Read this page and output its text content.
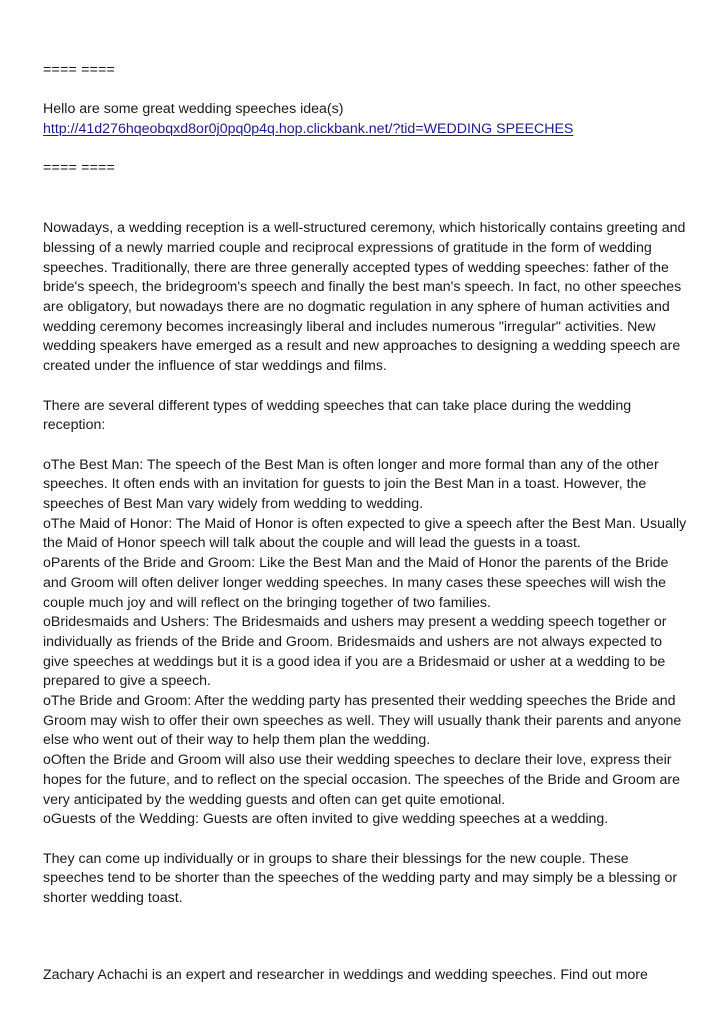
==== ====

Hello are some great wedding speeches idea(s)

http://41d276hqeobqxd8or0j0pq0p4q.hop.clickbank.net/?tid=WEDDING SPEECHES

==== ====

Nowadays, a wedding reception is a well-structured ceremony, which historically contains greeting and blessing of a newly married couple and reciprocal expressions of gratitude in the form of wedding speeches. Traditionally, there are three generally accepted types of wedding speeches: father of the bride's speech, the bridegroom's speech and finally the best man's speech. In fact, no other speeches are obligatory, but nowadays there are no dogmatic regulation in any sphere of human activities and wedding ceremony becomes increasingly liberal and includes numerous "irregular" activities. New wedding speakers have emerged as a result and new approaches to designing a wedding speech are created under the influence of star weddings and films.

There are several different types of wedding speeches that can take place during the wedding reception:

oThe Best Man: The speech of the Best Man is often longer and more formal than any of the other speeches. It often ends with an invitation for guests to join the Best Man in a toast. However, the speeches of Best Man vary widely from wedding to wedding.

oThe Maid of Honor: The Maid of Honor is often expected to give a speech after the Best Man. Usually the Maid of Honor speech will talk about the couple and will lead the guests in a toast.

oParents of the Bride and Groom: Like the Best Man and the Maid of Honor the parents of the Bride and Groom will often deliver longer wedding speeches. In many cases these speeches will wish the couple much joy and will reflect on the bringing together of two families.

oBridesmaids and Ushers: The Bridesmaids and ushers may present a wedding speech together or individually as friends of the Bride and Groom. Bridesmaids and ushers are not always expected to give speeches at weddings but it is a good idea if you are a Bridesmaid or usher at a wedding to be prepared to give a speech.

oThe Bride and Groom: After the wedding party has presented their wedding speeches the Bride and Groom may wish to offer their own speeches as well. They will usually thank their parents and anyone else who went out of their way to help them plan the wedding.

oOften the Bride and Groom will also use their wedding speeches to declare their love, express their hopes for the future, and to reflect on the special occasion. The speeches of the Bride and Groom are very anticipated by the wedding guests and often can get quite emotional.

oGuests of the Wedding: Guests are often invited to give wedding speeches at a wedding.

They can come up individually or in groups to share their blessings for the new couple. These speeches tend to be shorter than the speeches of the wedding party and may simply be a blessing or shorter wedding toast.

Zachary Achachi is an expert and researcher in weddings and wedding speeches. Find out more
